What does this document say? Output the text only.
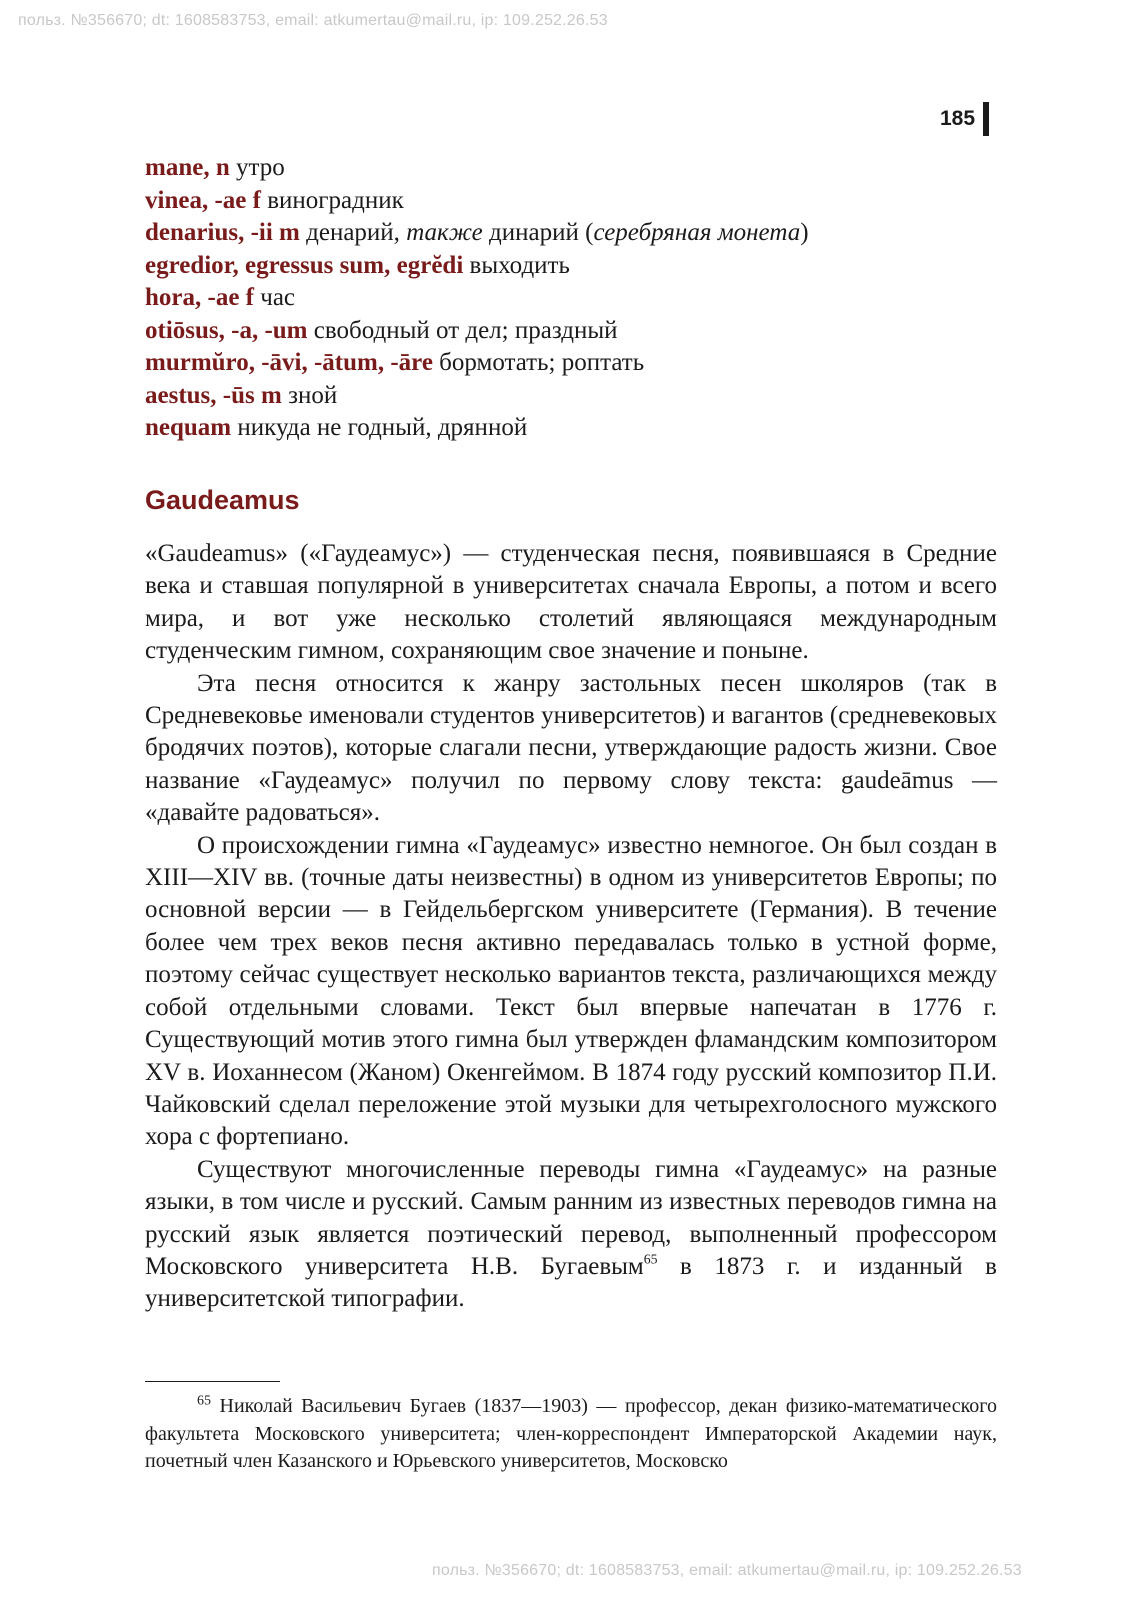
польз. №356670; dt: 1608583753, email: atkumertau@mail.ru, ip: 109.252.26.53
185
mane, n утро
vinea, -ae f виноградник
denarius, -ii m денарий, также динарий (серебряная монета)
egredior, egressus sum, egrĕdi выходить
hora, -ae f час
otiōsus, -a, -um свободный от дел; праздный
murmŭro, -āvi, -ātum, -āre бормотать; роптать
aestus, -ūs m зной
nequam никуда не годный, дрянной
Gaudeamus

«Gaudeamus» («Гаудеамус») — студенческая песня, появившаяся в Средние века и ставшая популярной в университетах сначала Европы, а потом и всего мира, и вот уже несколько столетий являющаяся международным студенческим гимном, сохраняющим свое значение и поныне.

Эта песня относится к жанру застольных песен школяров (так в Средневековье именовали студентов университетов) и вагантов (средневековых бродячих поэтов), которые слагали песни, утверждающие радость жизни. Свое название «Гаудеамус» получил по первому слову текста: gaudeāmus — «давайте радоваться».

О происхождении гимна «Гаудеамус» известно немногое. Он был создан в XIII—XIV вв. (точные даты неизвестны) в одном из университетов Европы; по основной версии — в Гейдельбергском университете (Германия). В течение более чем трех веков песня активно передавалась только в устной форме, поэтому сейчас существует несколько вариантов текста, различающихся между собой отдельными словами. Текст был впервые напечатан в 1776 г. Существующий мотив этого гимна был утвержден фламандским композитором XV в. Иоханнесом (Жаном) Окенгеймом. В 1874 году русский композитор П.И. Чайковский сделал переложение этой музыки для четырехголосного мужского хора с фортепиано.

Существуют многочисленные переводы гимна «Гаудеамус» на разные языки, в том числе и русский. Самым ранним из известных переводов гимна на русский язык является поэтический перевод, выполненный профессором Московского университета Н.В. Бугаевым$^{65}$ в 1873 г. и изданный в университетской типографии.

$^{65}$ Николай Васильевич Бугаев (1837—1903) — профессор, декан физико-математического факультета Московского университета; член-корреспондент Императорской Академии наук, почетный член Казанского и Юрьевского университетов, Московско

польз. №356670; dt: 1608583753, email: atkumertau@mail.ru, ip: 109.252.26.53
